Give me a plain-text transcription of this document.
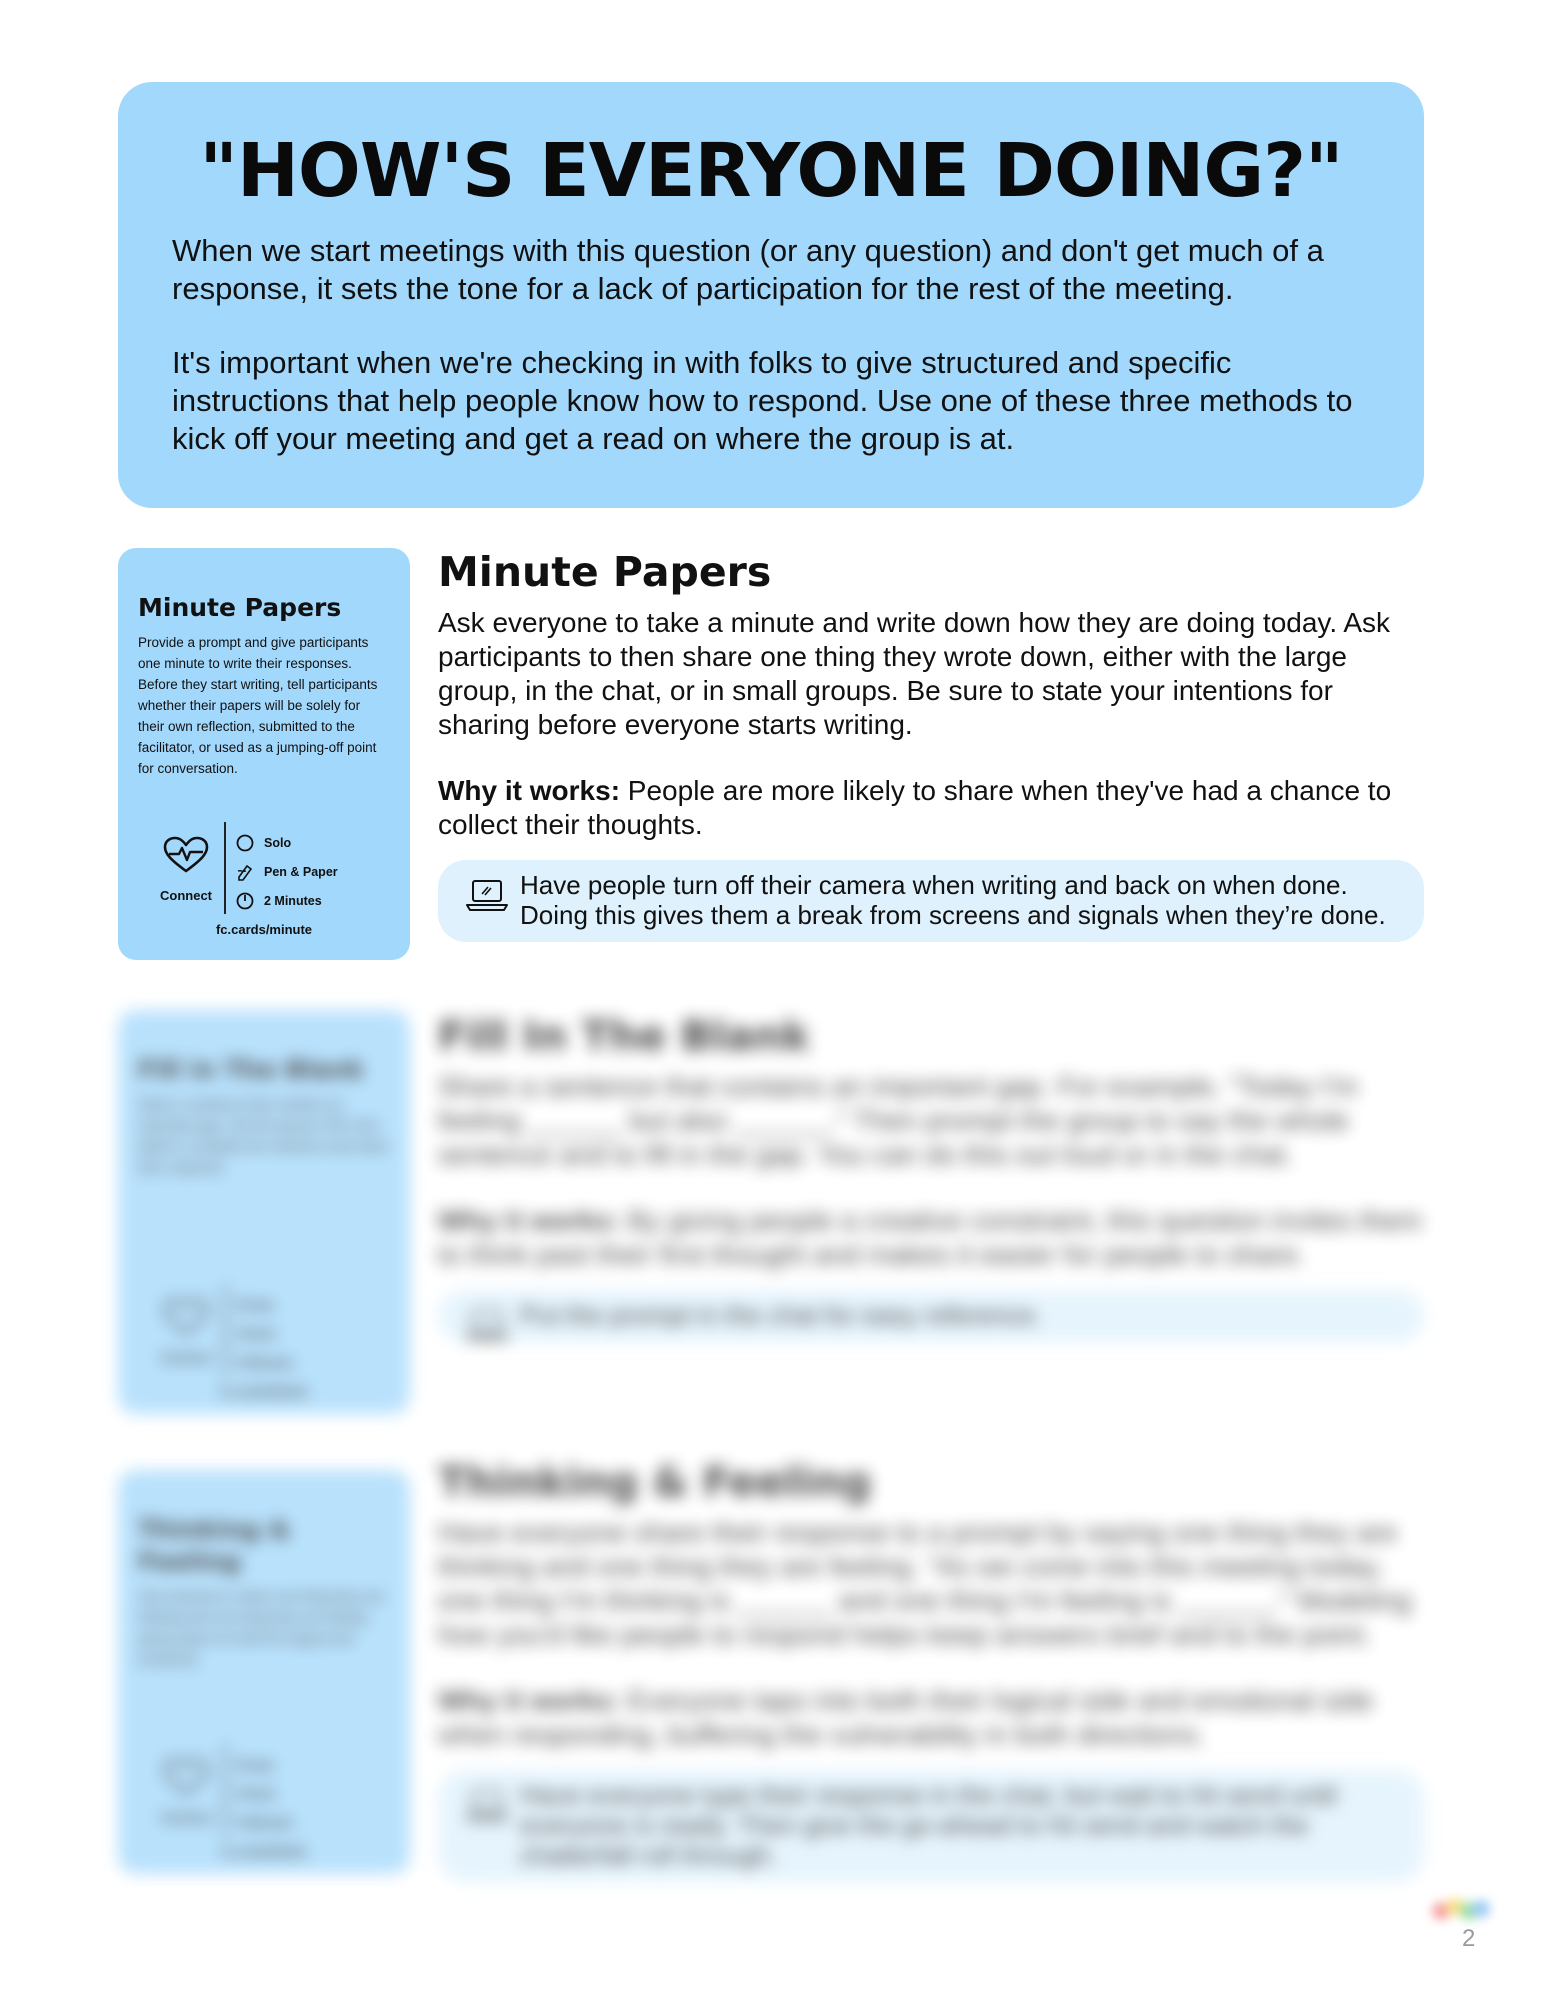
"HOW'S EVERYONE DOING?"

When we start meetings with this question (or any question) and don't get much of a response, it sets the tone for a lack of participation for the rest of the meeting.

It's important when we're checking in with folks to give structured and specific instructions that help people know how to respond. Use one of these three methods to kick off your meeting and get a read on where the group is at.

Minute Papers

Provide a prompt and give participants one minute to write their responses. Before they start writing, tell participants whether their papers will be solely for their own reflection, submitted to the facilitator, or used as a jumping-off point for conversation.

Connect
Solo
Pen & Paper
2 Minutes
fc.cards/minute
Minute Papers

Ask everyone to take a minute and write down how they are doing today. Ask participants to then share one thing they wrote down, either with the large group, in the chat, or in small groups. Be sure to state your intentions for sharing before everyone starts writing.

Why it works: People are more likely to share when they've had a chance to collect their thoughts.

Have people turn off their camera when writing and back on when done. Doing this gives them a break from screens and signals when they’re done.
Fill in The Blank

Share a sentence that contains an important gap. Ask the group to fill in the blank to complete the sentence and share their response.

Connect
Group
Virtual
5 Minutes
fc.cards/blank
Fill In The Blank

Share a sentence that contains an important gap. For example, "Today I'm feeling ______ but also ______." Then prompt the group to say the whole sentence and to fill in the gap. You can do this out loud or in the chat.

Why it works: By giving people a creative constraint, this question invites them to think past their first thought and makes it easier for people to share.

Put the prompt in the chat for easy reference.
Thinking & Feeling

Ask everyone to share one thing they are thinking and one thing they are feeling, giving space for both the logical and emotional.

Connect
Group
Virtual
5 Minutes
fc.cards/think
Thinking & Feeling

Have everyone share their response to a prompt by saying one thing they are thinking and one thing they are feeling. "As we come into this meeting today, one thing I'm thinking is ______ and one thing I'm feeling is ______." Modeling how you'd like people to respond helps keep answers brief and to the point.

Why it works: Everyone taps into both their logical side and emotional side when responding, buffering the vulnerability in both directions.

Have everyone type their response in the chat, but wait to hit send until everyone is ready. Then give the go-ahead to hit send and watch the chatterfall roll through.
2
